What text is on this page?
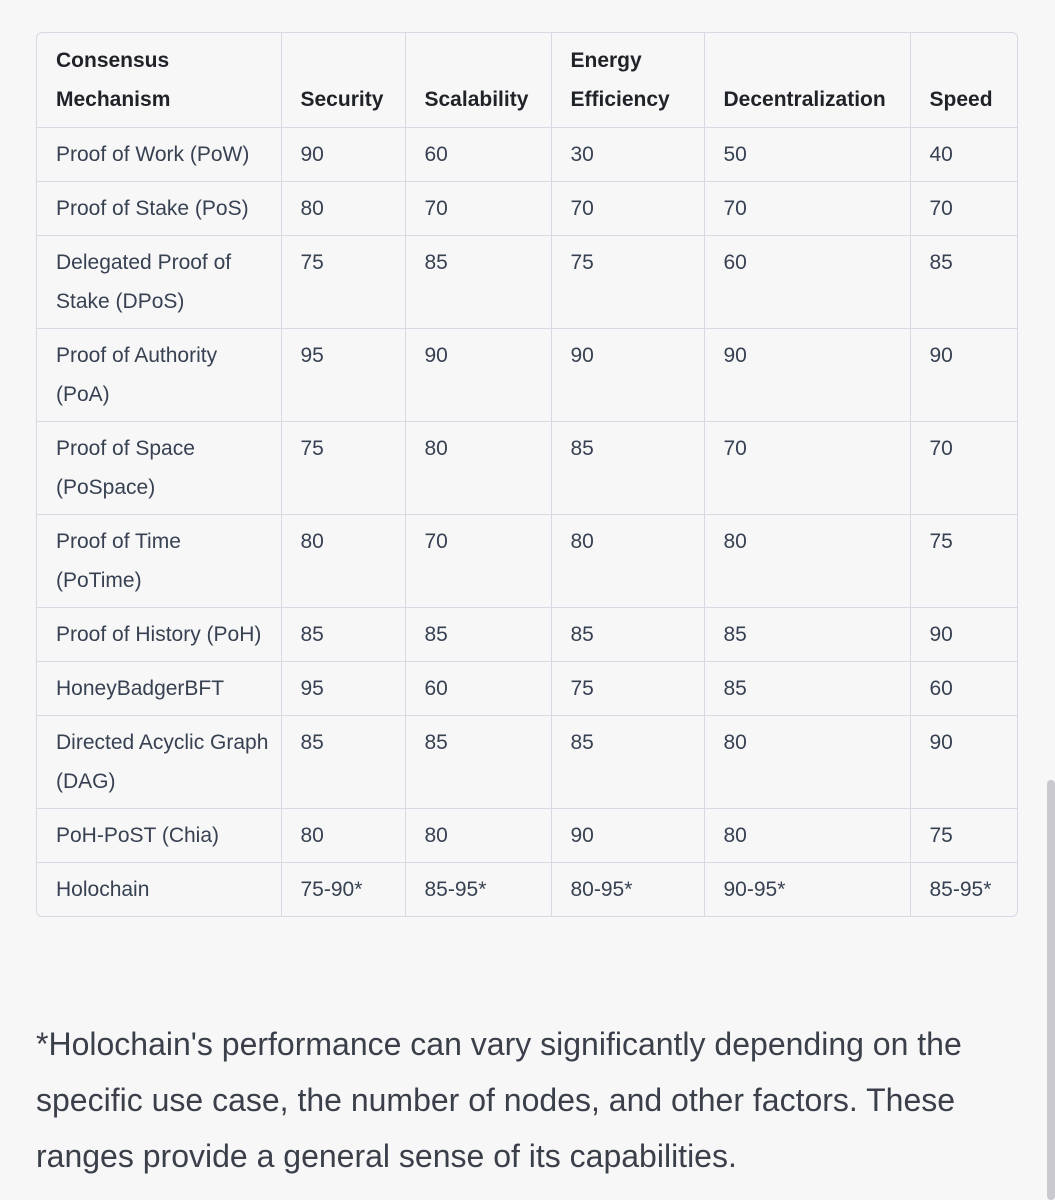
Consensus Mechanism	Security	Scalability	Energy Efficiency	Decentralization	Speed
Proof of Work (PoW)	90	60	30	50	40
Proof of Stake (PoS)	80	70	70	70	70
Delegated Proof of Stake (DPoS)	75	85	75	60	85
Proof of Authority (PoA)	95	90	90	90	90
Proof of Space (PoSpace)	75	80	85	70	70
Proof of Time (PoTime)	80	70	80	80	75
Proof of History (PoH)	85	85	85	85	90
HoneyBadgerBFT	95	60	75	85	60
Directed Acyclic Graph (DAG)	85	85	85	80	90
PoH-PoST (Chia)	80	80	90	80	75
Holochain	75-90*	85-95*	80-95*	90-95*	85-95*

*Holochain's performance can vary significantly depending on the specific use case, the number of nodes, and other factors. These ranges provide a general sense of its capabilities.
